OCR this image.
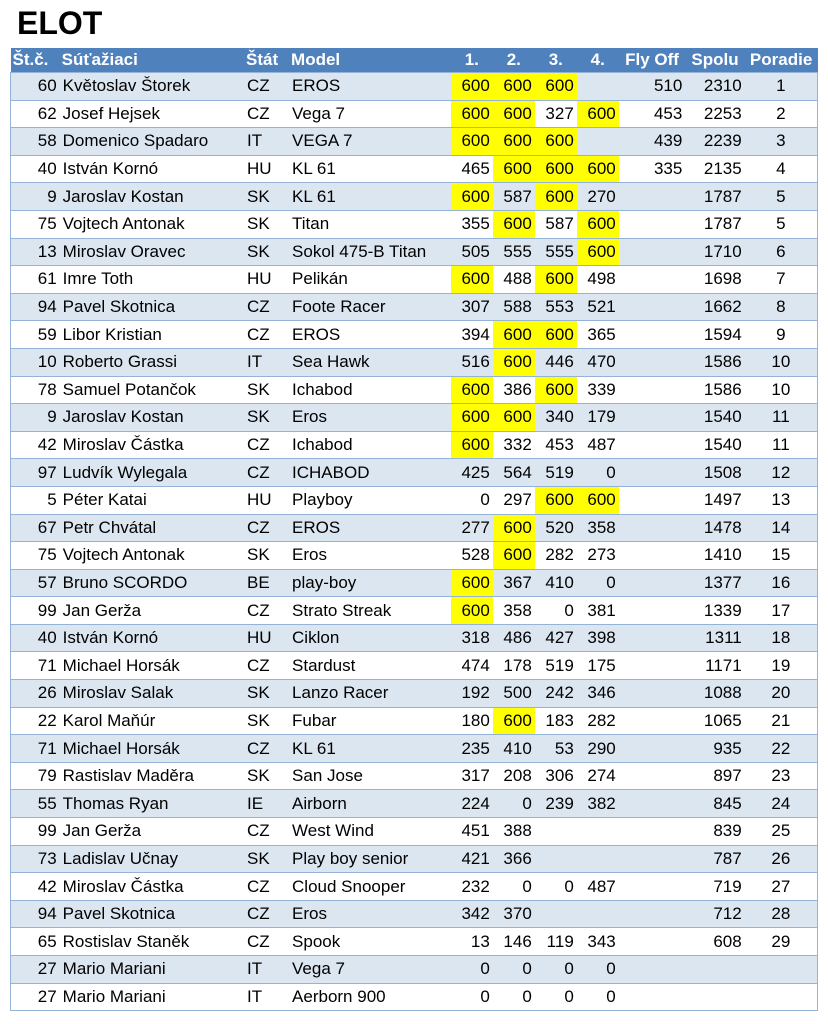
ELOT
Št.č.	Súťažiaci	Štát	Model	1.	2.	3.	4.	Fly Off	Spolu	Poradie
60	Květoslav Štorek	CZ	EROS	600	600	600		510	2310	1
62	Josef Hejsek	CZ	Vega 7	600	600	327	600	453	2253	2
58	Domenico Spadaro	IT	VEGA 7	600	600	600		439	2239	3
40	István Kornó	HU	KL 61	465	600	600	600	335	2135	4
9	Jaroslav Kostan	SK	KL 61	600	587	600	270		1787	5
75	Vojtech Antonak	SK	Titan	355	600	587	600		1787	5
13	Miroslav Oravec	SK	Sokol 475-B Titan	505	555	555	600		1710	6
61	Imre Toth	HU	Pelikán	600	488	600	498		1698	7
94	Pavel Skotnica	CZ	Foote Racer	307	588	553	521		1662	8
59	Libor Kristian	CZ	EROS	394	600	600	365		1594	9
10	Roberto Grassi	IT	Sea Hawk	516	600	446	470		1586	10
78	Samuel Potančok	SK	Ichabod	600	386	600	339		1586	10
9	Jaroslav Kostan	SK	Eros	600	600	340	179		1540	11
42	Miroslav Částka	CZ	Ichabod	600	332	453	487		1540	11
97	Ludvík Wylegala	CZ	ICHABOD	425	564	519	0		1508	12
5	Péter Katai	HU	Playboy	0	297	600	600		1497	13
67	Petr Chvátal	CZ	EROS	277	600	520	358		1478	14
75	Vojtech Antonak	SK	Eros	528	600	282	273		1410	15
57	Bruno SCORDO	BE	play-boy	600	367	410	0		1377	16
99	Jan Gerža	CZ	Strato Streak	600	358	0	381		1339	17
40	István Kornó	HU	Ciklon	318	486	427	398		1311	18
71	Michael Horsák	CZ	Stardust	474	178	519	175		1171	19
26	Miroslav Salak	SK	Lanzo Racer	192	500	242	346		1088	20
22	Karol Maňúr	SK	Fubar	180	600	183	282		1065	21
71	Michael Horsák	CZ	KL 61	235	410	53	290		935	22
79	Rastislav Maděra	SK	San Jose	317	208	306	274		897	23
55	Thomas Ryan	IE	Airborn	224	0	239	382		845	24
99	Jan Gerža	CZ	West Wind	451	388				839	25
73	Ladislav Učnay	SK	Play boy senior	421	366				787	26
42	Miroslav Částka	CZ	Cloud Snooper	232	0	0	487		719	27
94	Pavel Skotnica	CZ	Eros	342	370				712	28
65	Rostislav Staněk	CZ	Spook	13	146	119	343		608	29
27	Mario Mariani	IT	Vega 7	0	0	0	0			
27	Mario Mariani	IT	Aerborn 900	0	0	0	0			
